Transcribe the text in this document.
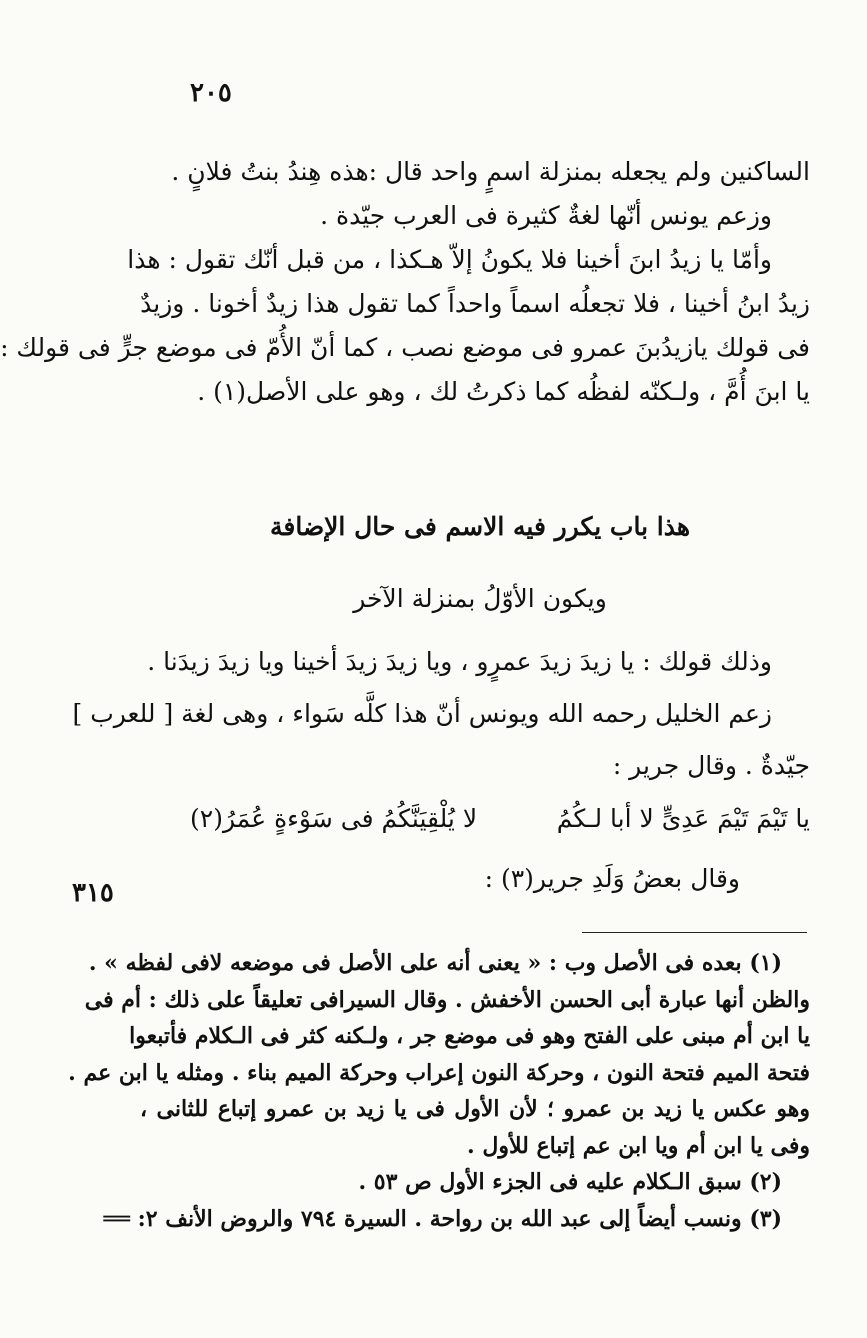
٢٠٥
٣١٥
الساكنين ولم يجعله بمنزلة اسمٍ واحد قال :هذه هِندُ بنتُ فلانٍ .
وزعم يونس أنّها لغةٌ كثيرة فى العرب جيّدة .
وأمّا يا زيدُ ابنَ أخينا فلا يكونُ إلاّ هـكذا ، من قبل أنّك تقول : هذا
زيدُ ابنُ أخينا ، فلا تجعلُه اسماً واحداً كما تقول هذا زيدٌ أخونا . وزيدٌ
فى قولك يازيدُبنَ عمرو فى موضع نصب ، كما أنّ الأُمّ فى موضع جرٍّ فى قولك :
يا ابنَ أُمَّ ، ولـكنّه لفظُه كما ذكرتُ لك ، وهو على الأصل(١) .
هذا باب يكرر فيه الاسم فى حال الإضافة
ويكون الأوّلُ بمنزلة الآخر
وذلك قولك : يا زيدَ زيدَ عمرٍو ، ويا زيدَ زيدَ أخينا ويا زيدَ زيدَنا .
زعم الخليل رحمه الله ويونس أنّ هذا كلَّه سَواء ، وهى لغة [ للعرب ]
جيّدةٌ . وقال جرير :
يا تَيْمَ تَيْمَ عَدِىٍّ لا أبا لـكُمُ
لا يُلْقِيَنَّكُمُ فى سَوْءةٍ عُمَرُ(٢)
وقال بعضُ وَلَدِ جرير(٣) :
(١) بعده فى الأصل وب : « يعنى أنه على الأصل فى موضعه لافى لفظه » .
والظن أنها عبارة أبى الحسن الأخفش . وقال السيرافى تعليقاً على ذلك : أم فى
يا ابن أم مبنى على الفتح وهو فى موضع جر ، ولـكنه كثر فى الـكلام فأتبعوا
فتحة الميم فتحة النون ، وحركة النون إعراب وحركة الميم بناء . ومثله يا ابن عم .
وهو عكس يا زيد بن عمرو ؛ لأن الأول فى يا زيد بن عمرو إتباع للثانى ،
وفى يا ابن أم ويا ابن عم إتباع للأول .
(٢) سبق الـكلام عليه فى الجزء الأول ص ٥٣ .
(٣) ونسب أيضاً إلى عبد الله بن رواحة . السيرة ٧٩٤ والروض الأنف ٢: ══
